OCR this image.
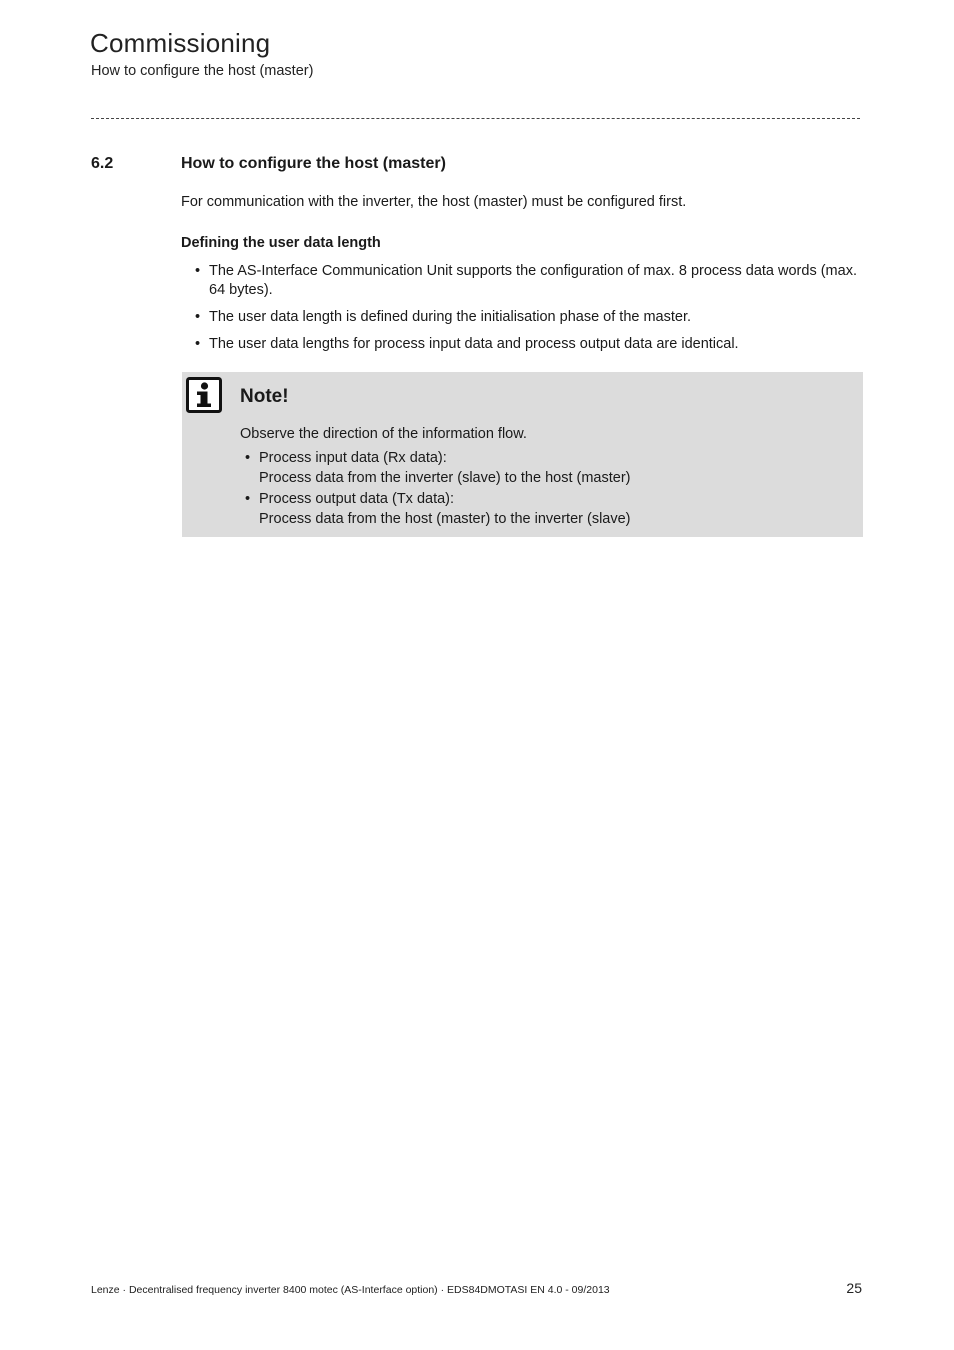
Commissioning
How to configure the host (master)
6.2	How to configure the host (master)
For communication with the inverter, the host (master) must be configured first.
Defining the user data length
• The AS-Interface Communication Unit supports the configuration of max. 8 process data words (max. 64 bytes).
• The user data length is defined during the initialisation phase of the master.
• The user data lengths for process input data and process output data are identical.
Note!
Observe the direction of the information flow.
• Process input data (Rx data):
Process data from the inverter (slave) to the host (master)
• Process output data (Tx data):
Process data from the host (master) to the inverter (slave)
Lenze · Decentralised frequency inverter 8400 motec (AS-Interface option) · EDS84DMOTASI EN 4.0 - 09/2013	25
